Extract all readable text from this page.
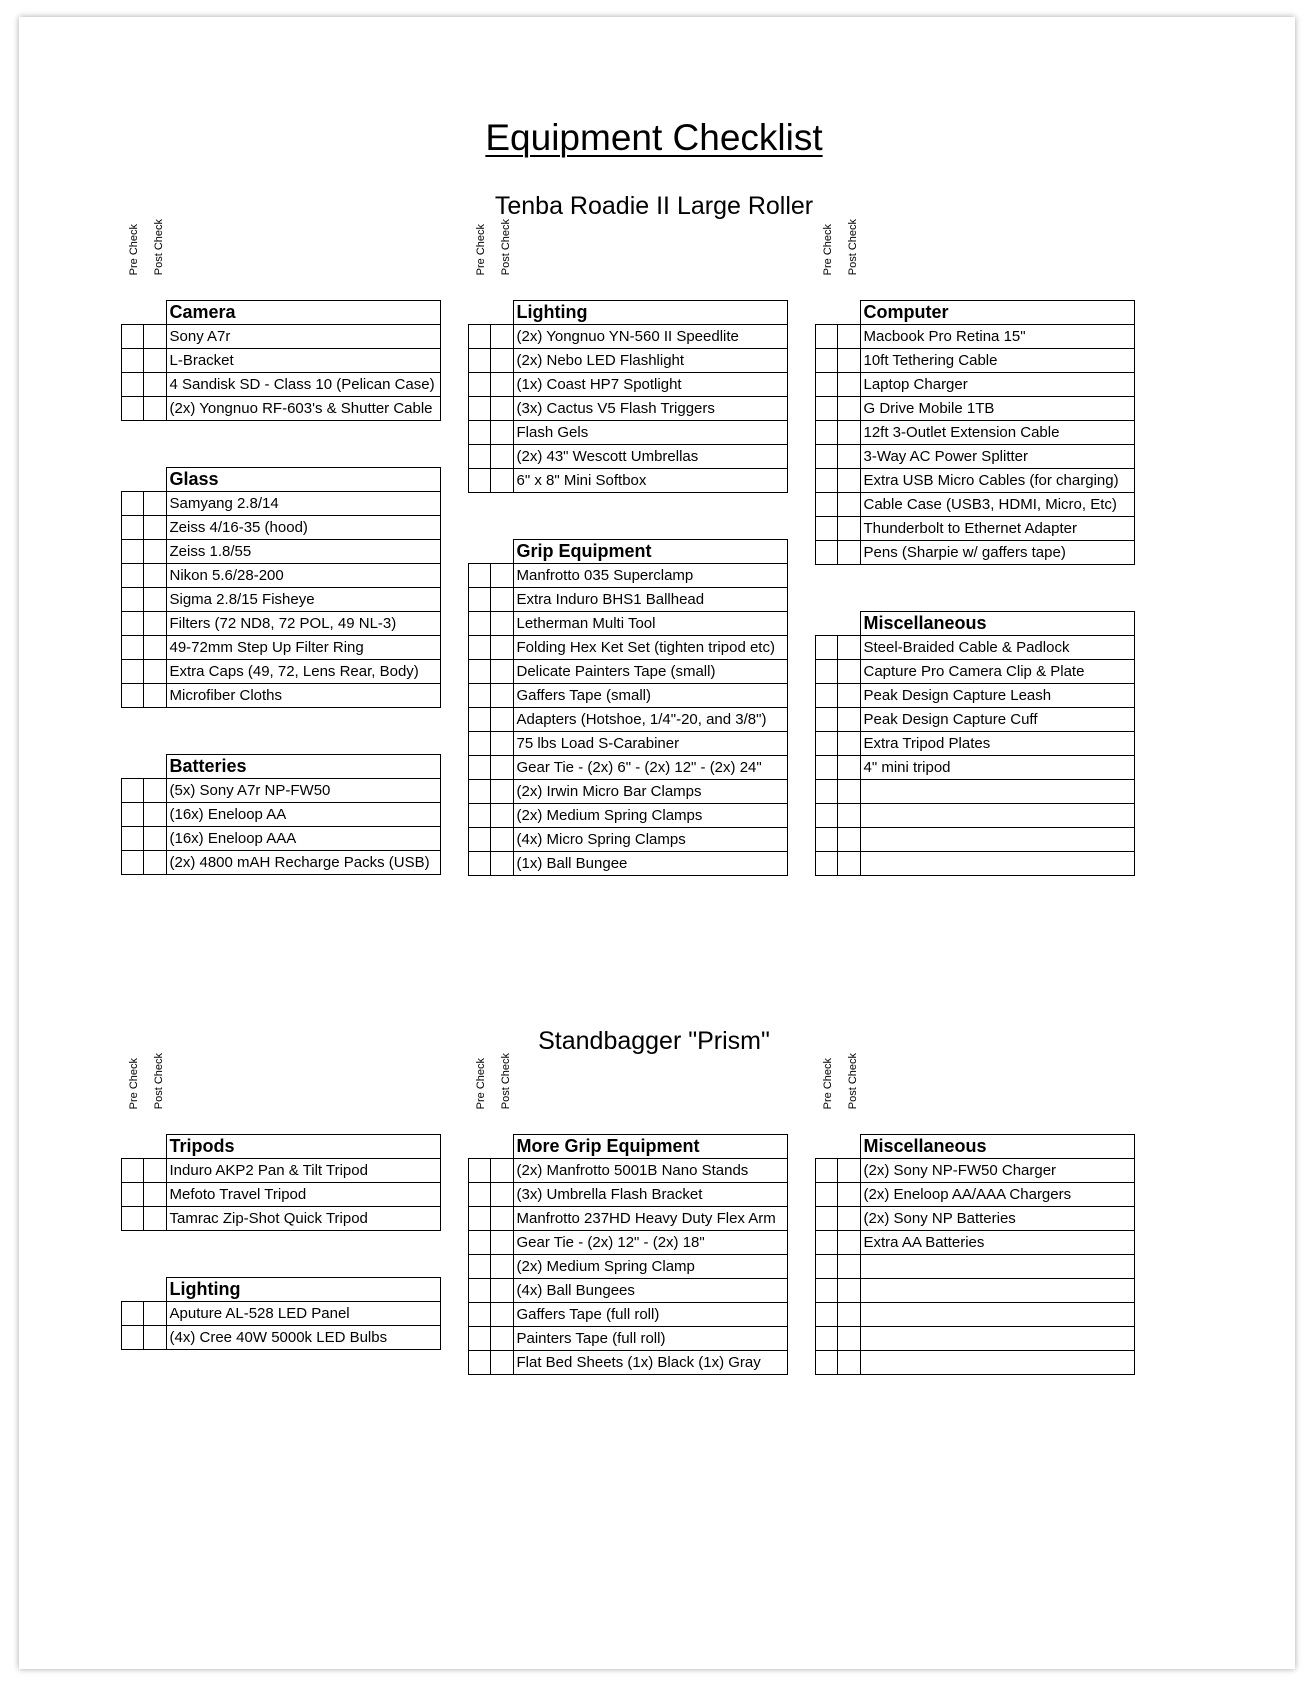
Equipment Checklist
Tenba Roadie II Large Roller
Pre Check Post Check
		Camera
		Sony A7r
		L-Bracket
		4 Sandisk SD - Class 10 (Pelican Case)
		(2x) Yongnuo RF-603's & Shutter Cable
		Glass
		Samyang 2.8/14
		Zeiss 4/16-35 (hood)
		Zeiss 1.8/55
		Nikon 5.6/28-200
		Sigma 2.8/15 Fisheye
		Filters (72 ND8, 72 POL, 49 NL-3)
		49-72mm Step Up Filter Ring
		Extra Caps (49, 72, Lens Rear, Body)
		Microfiber Cloths
		Batteries
		(5x) Sony A7r NP-FW50
		(16x) Eneloop AA
		(16x) Eneloop AAA
		(2x) 4800 mAH Recharge Packs (USB)
Pre Check Post Check
		Lighting
		(2x) Yongnuo YN-560 II Speedlite
		(2x) Nebo LED Flashlight
		(1x) Coast HP7 Spotlight
		(3x) Cactus V5 Flash Triggers
		Flash Gels
		(2x) 43" Wescott Umbrellas
		6" x 8" Mini Softbox
		Grip Equipment
		Manfrotto 035 Superclamp
		Extra Induro BHS1 Ballhead
		Letherman Multi Tool
		Folding Hex Ket Set (tighten tripod etc)
		Delicate Painters Tape (small)
		Gaffers Tape (small)
		Adapters (Hotshoe, 1/4"-20, and 3/8")
		75 lbs Load S-Carabiner
		Gear Tie - (2x) 6" - (2x) 12" - (2x) 24"
		(2x) Irwin Micro Bar Clamps
		(2x) Medium Spring Clamps
		(4x) Micro Spring Clamps
		(1x) Ball Bungee
Pre Check Post Check
		Computer
		Macbook Pro Retina 15"
		10ft Tethering Cable
		Laptop Charger
		G Drive Mobile 1TB
		12ft 3-Outlet Extension Cable
		3-Way AC Power Splitter
		Extra USB Micro Cables (for charging)
		Cable Case (USB3, HDMI, Micro, Etc)
		Thunderbolt to Ethernet Adapter
		Pens (Sharpie w/ gaffers tape)
		Miscellaneous
		Steel-Braided Cable & Padlock
		Capture Pro Camera Clip & Plate
		Peak Design Capture Leash
		Peak Design Capture Cuff
		Extra Tripod Plates
		4" mini tripod

Standbagger "Prism"
Pre Check Post Check
		Tripods
		Induro AKP2 Pan & Tilt Tripod
		Mefoto Travel Tripod
		Tamrac Zip-Shot Quick Tripod
		Lighting
		Aputure AL-528 LED Panel
		(4x) Cree 40W 5000k LED Bulbs
Pre Check Post Check
		More Grip Equipment
		(2x) Manfrotto 5001B Nano Stands
		(3x) Umbrella Flash Bracket
		Manfrotto 237HD Heavy Duty Flex Arm
		Gear Tie - (2x) 12" - (2x) 18"
		(2x) Medium Spring Clamp
		(4x) Ball Bungees
		Gaffers Tape (full roll)
		Painters Tape (full roll)
		Flat Bed Sheets (1x) Black (1x) Gray
Pre Check Post Check
		Miscellaneous
		(2x) Sony NP-FW50 Charger
		(2x) Eneloop AA/AAA Chargers
		(2x) Sony NP Batteries
		Extra AA Batteries
